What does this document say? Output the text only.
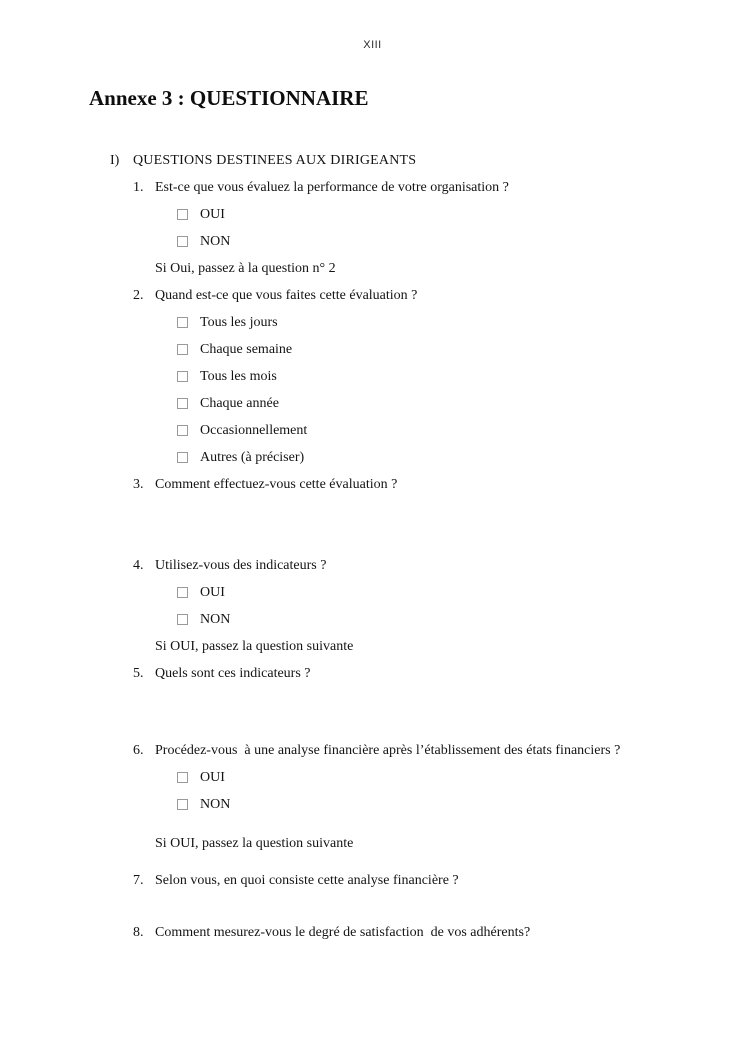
XIII
Annexe 3 : QUESTIONNAIRE
I) QUESTIONS DESTINEES AUX DIRIGEANTS
1. Est-ce que vous évaluez la performance de votre organisation ?
OUI
NON
Si Oui, passez à la question n° 2
2. Quand est-ce que vous faites cette évaluation ?
Tous les jours
Chaque semaine
Tous les mois
Chaque année
Occasionnellement
Autres (à préciser)
3. Comment effectuez-vous cette évaluation ?
4. Utilisez-vous des indicateurs ?
OUI
NON
Si OUI, passez la question suivante
5. Quels sont ces indicateurs ?
6. Procédez-vous  à une analyse financière après l’établissement des états financiers ?
OUI
NON
Si OUI, passez la question suivante
7. Selon vous, en quoi consiste cette analyse financière ?
8. Comment mesurez-vous le degré de satisfaction  de vos adhérents?
